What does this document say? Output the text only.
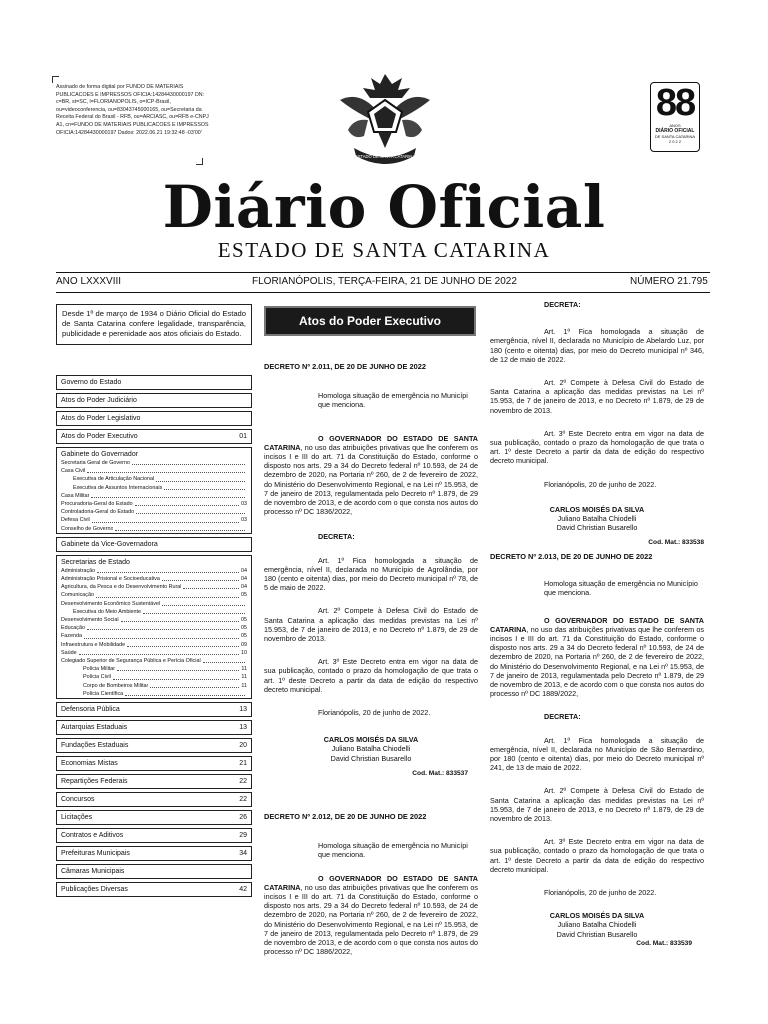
Assinado de forma digital por FUNDO DE MATERIAIS PUBLICACOES E IMPRESSOS OFICIA:14284430000197 DN: c=BR, st=SC, l=FLORIANOPOLIS, o=ICP-Brasil, ou=videoconferencia, ou=83043745000165, ou=Secretaria da Receita Federal do Brasil - RFB, ou=ARCIASC, ou=RFB e-CNPJ A1, cn=FUNDO DE MATERIAIS PUBLICACOES E IMPRESSOS OFICIA:14284430000197 Dados: 2022.06.21 19:32:48 -03'00'
ESTADO DE SANTA CATARINA
88
ANOS
DIÁRIO OFICIAL
DE SANTA CATARINA
2 0 2 2
Diário Oficial
ESTADO DE SANTA CATARINA
ANO LXXXVIII	FLORIANÓPOLIS, TERÇA-FEIRA, 21 DE JUNHO DE 2022	NÚMERO 21.795
Desde 1º de março de 1934 o Diário Oficial do Estado de Santa Catarina confere legalidade, transparência, publicidade e perenidade aos atos oficiais do Estado.
Governo do Estado
Atos do Poder Judiciário
Atos do Poder Legislativo
Atos do Poder Executivo	01
Gabinete do Governador
Secretaria Geral de Governo
Casa Civil
Executiva de Articulação Nacional
Executiva de Assuntos Internacionais
Casa Militar
Procuradoria-Geral do Estado	03
Controladoria-Geral do Estado
Defesa Civil	03
Conselho de Governo
Gabinete da Vice-Governadora
Secretarias de Estado
Administração	04
Administração Prisional e Socioeducativa	04
Agricultura, da Pesca e do Desenvolvimento Rural	04
Comunicação	05
Desenvolvimento Econômico Sustentável
Executiva do Meio Ambiente
Desenvolvimento Social	05
Educação	05
Fazenda	05
Infraestrutura e Mobilidade	09
Saúde	10
Colegiado Superior de Segurança Pública e Perícia Oficial
Polícia Militar	11
Polícia Civil	11
Corpo de Bombeiros Militar	11
Polícia Científica
Defensoria Pública	13
Autarquias Estaduais	13
Fundações Estaduais	20
Economias Mistas	21
Repartições Federais	22
Concursos	22
Licitações	26
Contratos e Aditivos	29
Prefeituras Municipais	34
Câmaras Municipais
Publicações Diversas	42
Atos do Poder Executivo

DECRETO Nº 2.011, DE 20 DE JUNHO DE 2022

Homologa situação de emergência no Municípi que menciona.

O GOVERNADOR DO ESTADO DE SANTA CATARINA, no uso das atribuições privativas que lhe conferem os incisos I e III do art. 71 da Constituição do Estado, conforme o disposto nos arts. 29 a 34 do Decreto federal nº 10.593, de 24 de dezembro de 2020, na Portaria nº 260, de 2 de fevereiro de 2022, do Ministério do Desenvolvimento Regional, e na Lei nº 15.953, de 7 de janeiro de 2013, regulamentada pelo Decreto nº 1.879, de 29 de novembro de 2013, e de acordo com o que consta nos autos do processo nº DC 1836/2022,

DECRETA:

Art. 1º Fica homologada a situação de emergência, nível II, declarada no Município de Agrolândia, por 180 (cento e oitenta) dias, por meio do Decreto municipal nº 78, de 5 de maio de 2022.

Art. 2º Compete à Defesa Civil do Estado de Santa Catarina a aplicação das medidas previstas na Lei nº 15.953, de 7 de janeiro de 2013, e no Decreto nº 1.879, de 29 de novembro de 2013.

Art. 3º Este Decreto entra em vigor na data de sua publicação, contado o prazo da homologação de que trata o art. 1º deste Decreto a partir da data de edição do respectivo decreto municipal.

Florianópolis, 20 de junho de 2022.

CARLOS MOISÉS DA SILVA

Juliano Batalha Chiodelli

David Christian Busarello

Cod. Mat.: 833537

DECRETO Nº 2.012, DE 20 DE JUNHO DE 2022

Homologa situação de emergência no Municípi que menciona.

O GOVERNADOR DO ESTADO DE SANTA CATARINA, no uso das atribuições privativas que lhe conferem os incisos I e III do art. 71 da Constituição do Estado, conforme o disposto nos arts. 29 a 34 do Decreto federal nº 10.593, de 24 de dezembro de 2020, na Portaria nº 260, de 2 de fevereiro de 2022, do Ministério do Desenvolvimento Regional, e na Lei nº 15.953, de 7 de janeiro de 2013, regulamentada pelo Decreto nº 1.879, de 29 de novembro de 2013, e de acordo com o que consta nos autos do processo nº DC 1886/2022,

DECRETA:

Art. 1º Fica homologada a situação de emergência, nível II, declarada no Município de Abelardo Luz, por 180 (cento e oitenta) dias, por meio do Decreto municipal nº 346, de 12 de maio de 2022.

Art. 2º Compete à Defesa Civil do Estado de Santa Catarina a aplicação das medidas previstas na Lei nº 15.953, de 7 de janeiro de 2013, e no Decreto nº 1.879, de 29 de novembro de 2013.

Art. 3º Este Decreto entra em vigor na data de sua publicação, contado o prazo da homologação de que trata o art. 1º deste Decreto a partir da data de edição do respectivo decreto municipal.

Florianópolis, 20 de junho de 2022.

CARLOS MOISÉS DA SILVA

Juliano Batalha Chiodelli

David Christian Busarello

Cod. Mat.: 833538

DECRETO Nº 2.013, DE 20 DE JUNHO DE 2022

Homologa situação de emergência no Município que menciona.

O GOVERNADOR DO ESTADO DE SANTA CATARINA, no uso das atribuições privativas que lhe conferem os incisos I e III do art. 71 da Constituição do Estado, conforme o disposto nos arts. 29 a 34 do Decreto federal nº 10.593, de 24 de dezembro de 2020, na Portaria nº 260, de 2 de fevereiro de 2022, do Ministério do Desenvolvimento Regional, e na Lei nº 15.953, de 7 de janeiro de 2013, regulamentada pelo Decreto nº 1.879, de 29 de novembro de 2013, e de acordo com o que consta nos autos do processo nº DC 1889/2022,

DECRETA:

Art. 1º Fica homologada a situação de emergência, nível II, declarada no Município de São Bernardino, por 180 (cento e oitenta) dias, por meio do Decreto municipal nº 241, de 13 de maio de 2022.

Art. 2º Compete à Defesa Civil do Estado de Santa Catarina a aplicação das medidas previstas na Lei nº 15.953, de 7 de janeiro de 2013, e no Decreto nº 1.879, de 29 de novembro de 2013.

Art. 3º Este Decreto entra em vigor na data de sua publicação, contado o prazo da homologação de que trata o art. 1º deste Decreto a partir da data de edição do respectivo decreto municipal.

Florianópolis, 20 de junho de 2022.

CARLOS MOISÉS DA SILVA

Juliano Batalha Chiodelli

David Christian Busarello

Cod. Mat.: 833539
